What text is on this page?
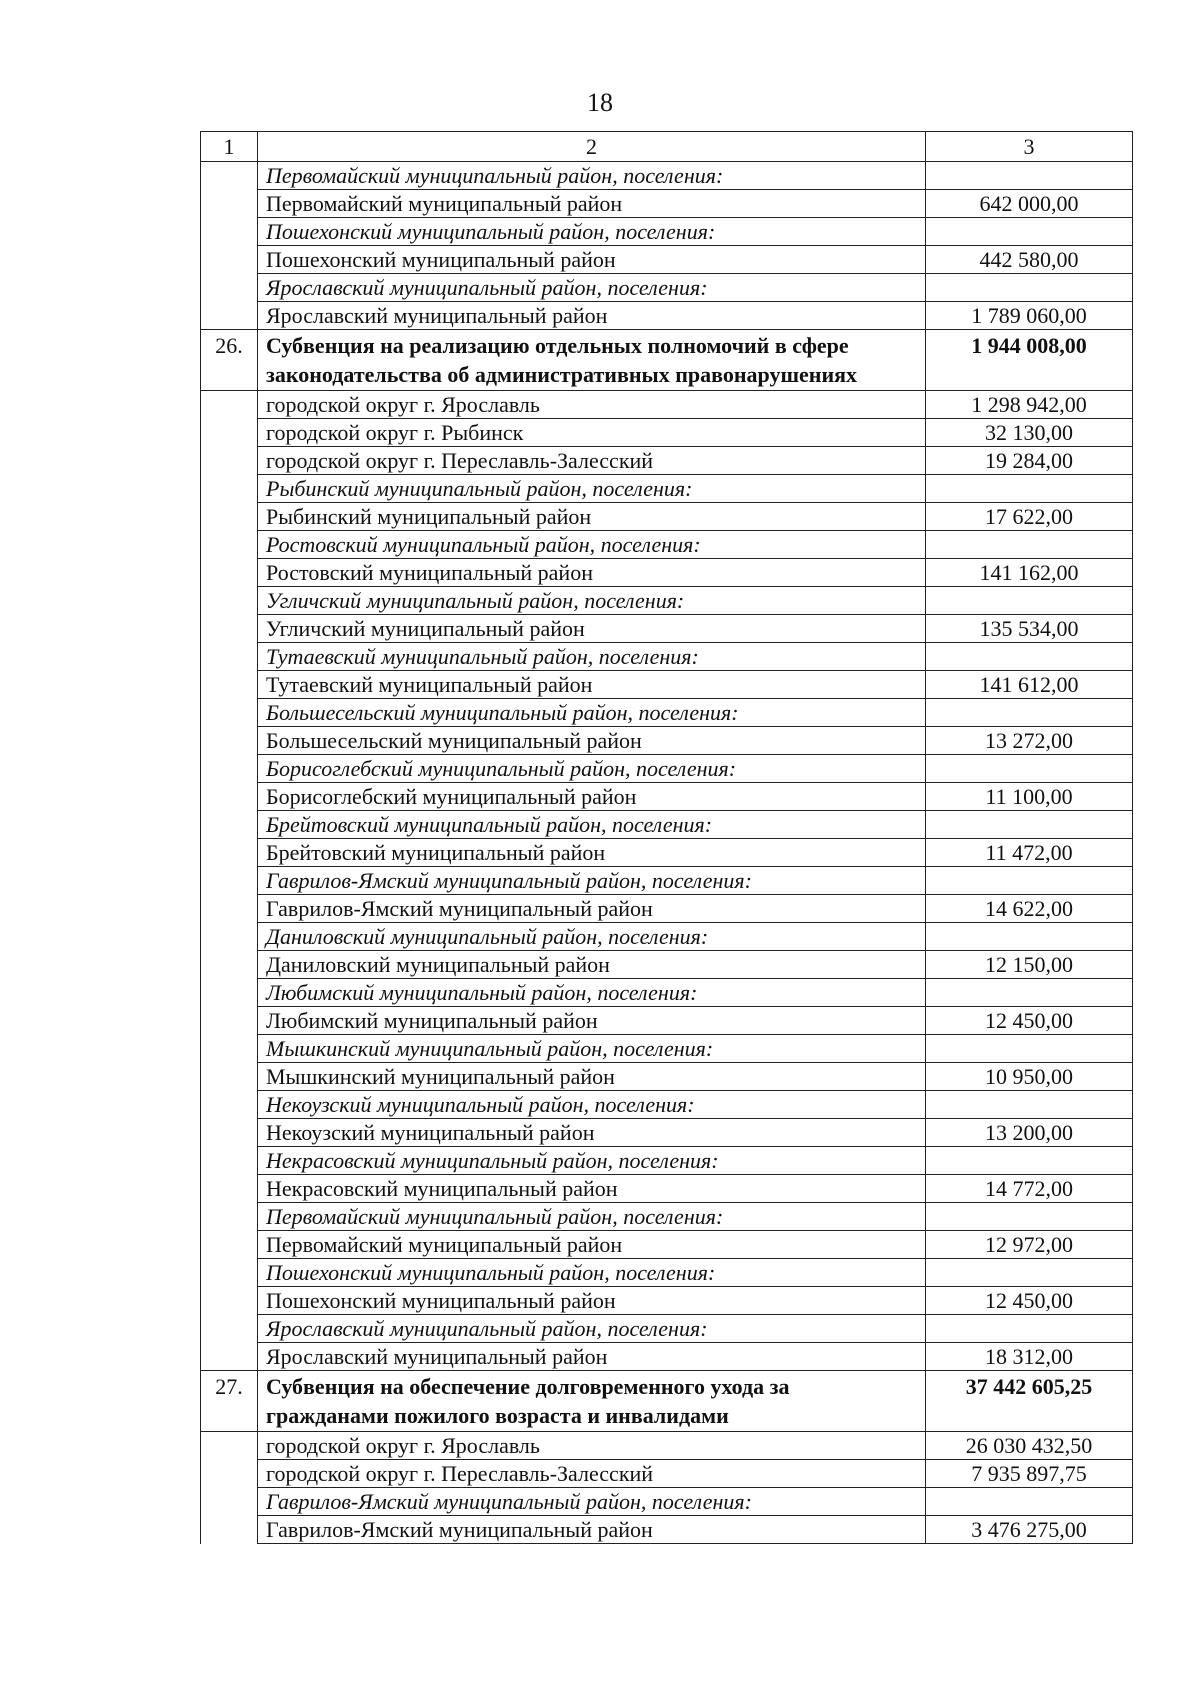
18
1	2	3
	Первомайский муниципальный район, поселения:	
	Первомайский муниципальный район	642 000,00
	Пошехонский муниципальный район, поселения:	
	Пошехонский муниципальный район	442 580,00
	Ярославский муниципальный район, поселения:	
	Ярославский муниципальный район	1 789 060,00
26.	Субвенция на реализацию отдельных полномочий в сфере законодательства об административных правонарушениях	1 944 008,00
	городской округ г. Ярославль	1 298 942,00
	городской округ г. Рыбинск	32 130,00
	городской округ г. Переславль-Залесский	19 284,00
	Рыбинский муниципальный район, поселения:	
	Рыбинский муниципальный район	17 622,00
	Ростовский муниципальный район, поселения:	
	Ростовский муниципальный район	141 162,00
	Угличский муниципальный район, поселения:	
	Угличский муниципальный район	135 534,00
	Тутаевский муниципальный район, поселения:	
	Тутаевский муниципальный район	141 612,00
	Большесельский муниципальный район, поселения:	
	Большесельский муниципальный район	13 272,00
	Борисоглебский муниципальный район, поселения:	
	Борисоглебский муниципальный район	11 100,00
	Брейтовский муниципальный район, поселения:	
	Брейтовский муниципальный район	11 472,00
	Гаврилов-Ямский муниципальный район, поселения:	
	Гаврилов-Ямский муниципальный район	14 622,00
	Даниловский муниципальный район, поселения:	
	Даниловский муниципальный район	12 150,00
	Любимский муниципальный район, поселения:	
	Любимский муниципальный район	12 450,00
	Мышкинский муниципальный район, поселения:	
	Мышкинский муниципальный район	10 950,00
	Некоузский муниципальный район, поселения:	
	Некоузский муниципальный район	13 200,00
	Некрасовский муниципальный район, поселения:	
	Некрасовский муниципальный район	14 772,00
	Первомайский муниципальный район, поселения:	
	Первомайский муниципальный район	12 972,00
	Пошехонский муниципальный район, поселения:	
	Пошехонский муниципальный район	12 450,00
	Ярославский муниципальный район, поселения:	
	Ярославский муниципальный район	18 312,00
27.	Субвенция на обеспечение долговременного ухода за гражданами пожилого возраста и инвалидами	37 442 605,25
	городской округ г. Ярославль	26 030 432,50
	городской округ г. Переславль-Залесский	7 935 897,75
	Гаврилов-Ямский муниципальный район, поселения:	
	Гаврилов-Ямский муниципальный район	3 476 275,00
